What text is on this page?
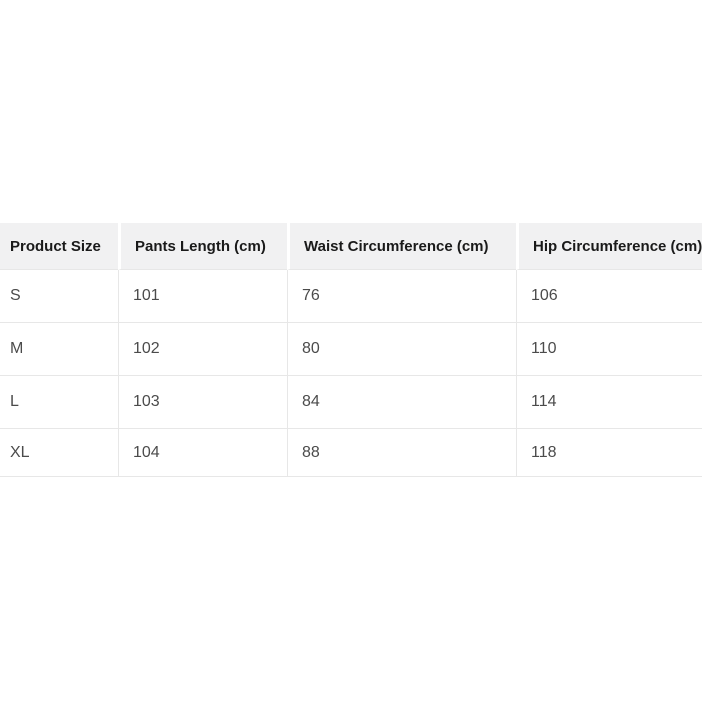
Product Size	Pants Length (cm)	Waist Circumference (cm)	Hip Circumference (cm)
S	101	76	106
M	102	80	110
L	103	84	114
XL	104	88	118
